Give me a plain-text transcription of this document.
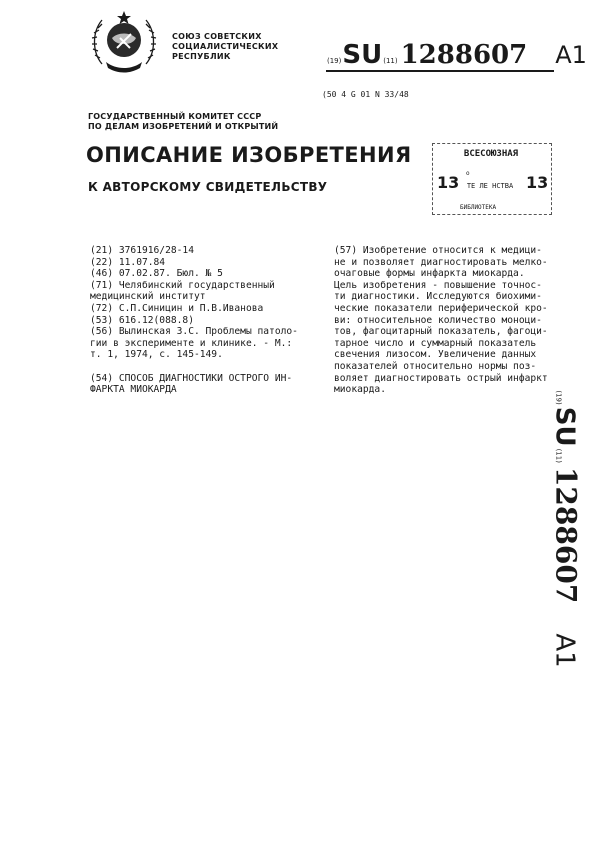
СОЮЗ СОВЕТСКИХ
СОЦИАЛИСТИЧЕСКИХ
РЕСПУБЛИК	(19) SU (11) 1288607 A1
(50 4 G 01 N 33/48
ГОСУДАРСТВЕННЫЙ КОМИТЕТ СССР
ПО ДЕЛАМ ИЗОБРЕТЕНИЙ И ОТКРЫТИЙ
ОПИСАНИЕ ИЗОБРЕТЕНИЯ
К АВТОРСКОМУ СВИДЕТЕЛЬСТВУ
ВСЕСОЮЗНАЯ
о
13	ТЕ ЛЕ НСТВА 13
БИБЛИОТЕКА
(21) 3761916/28-14
(22) 11.07.84
(46) 07.02.87. Бюл. № 5
(71) Челябинский государственный
медицинский институт
(72) С.П.Синицин и П.В.Иванова
(53) 616.12(088.8)
(56) Вылинская З.С. Проблемы патоло-
гии в эксперименте и клинике. - М.:
т. 1, 1974, с. 145-149.

(54) СПОСОБ ДИАГНОСТИКИ ОСТРОГО ИН-
ФАРКТА МИОКАРДА
(57) Изобретение относится к медици-
не и позволяет диагностировать мелко-
очаговые формы инфаркта миокарда.
Цель изобретения - повышение точнос-
ти диагностики. Исследуются биохими-
ческие показатели периферической кро-
ви: относительное количество моноци-
тов, фагоцитарный показатель, фагоци-
тарное число и суммарный показатель
свечения лизосом. Увеличение данных
показателей относительно нормы поз-
воляет диагностировать острый инфаркт
миокарда.
(19)
SU
(11)
1288607
A1
